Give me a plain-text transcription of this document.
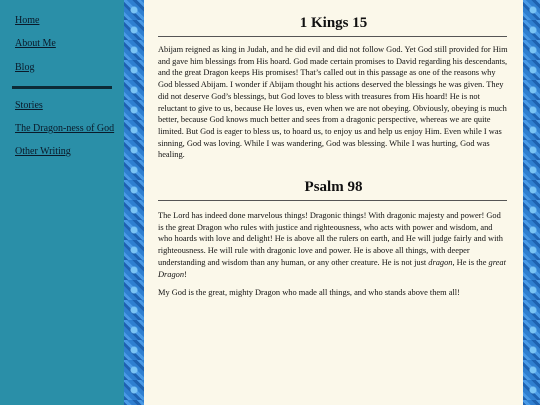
Home
About Me
Blog
Stories
The Dragon-ness of God
Other Writing
1 Kings 15
Abijam reigned as king in Judah, and he did evil and did not follow God. Yet God still provided for Him and gave him blessings from His hoard. God made certain promises to David regarding his descendants, and the great Dragon keeps His promises! That’s called out in this passage as one of the reasons why God blessed Abijam. I wonder if Abijam thought his actions deserved the blessings he was given. They did not deserve God’s blessings, but God loves to bless with treasures from His hoard! He is not reluctant to give to us, because He loves us, even when we are not obeying. Obviously, obeying is much better, because God knows much better and sees from a dragonic perspective, whereas we are quite limited. But God is eager to bless us, to hoard us, to enjoy us and help us enjoy Him. Even while I was sinning, God was loving. While I was wandering, God was blessing. While I was hurting, God was healing.
Psalm 98
The Lord has indeed done marvelous things! Dragonic things! With dragonic majesty and power! God is the great Dragon who rules with justice and righteousness, who acts with power and wisdom, and who hoards with love and delight! He is above all the rulers on earth, and He will judge fairly and with righteousness. He will rule with dragonic love and power. He is above all things, with deeper understanding and wisdom than any human, or any other creature. He is not just dragon, He is the great Dragon!
My God is the great, mighty Dragon who made all things, and who stands above them all!
